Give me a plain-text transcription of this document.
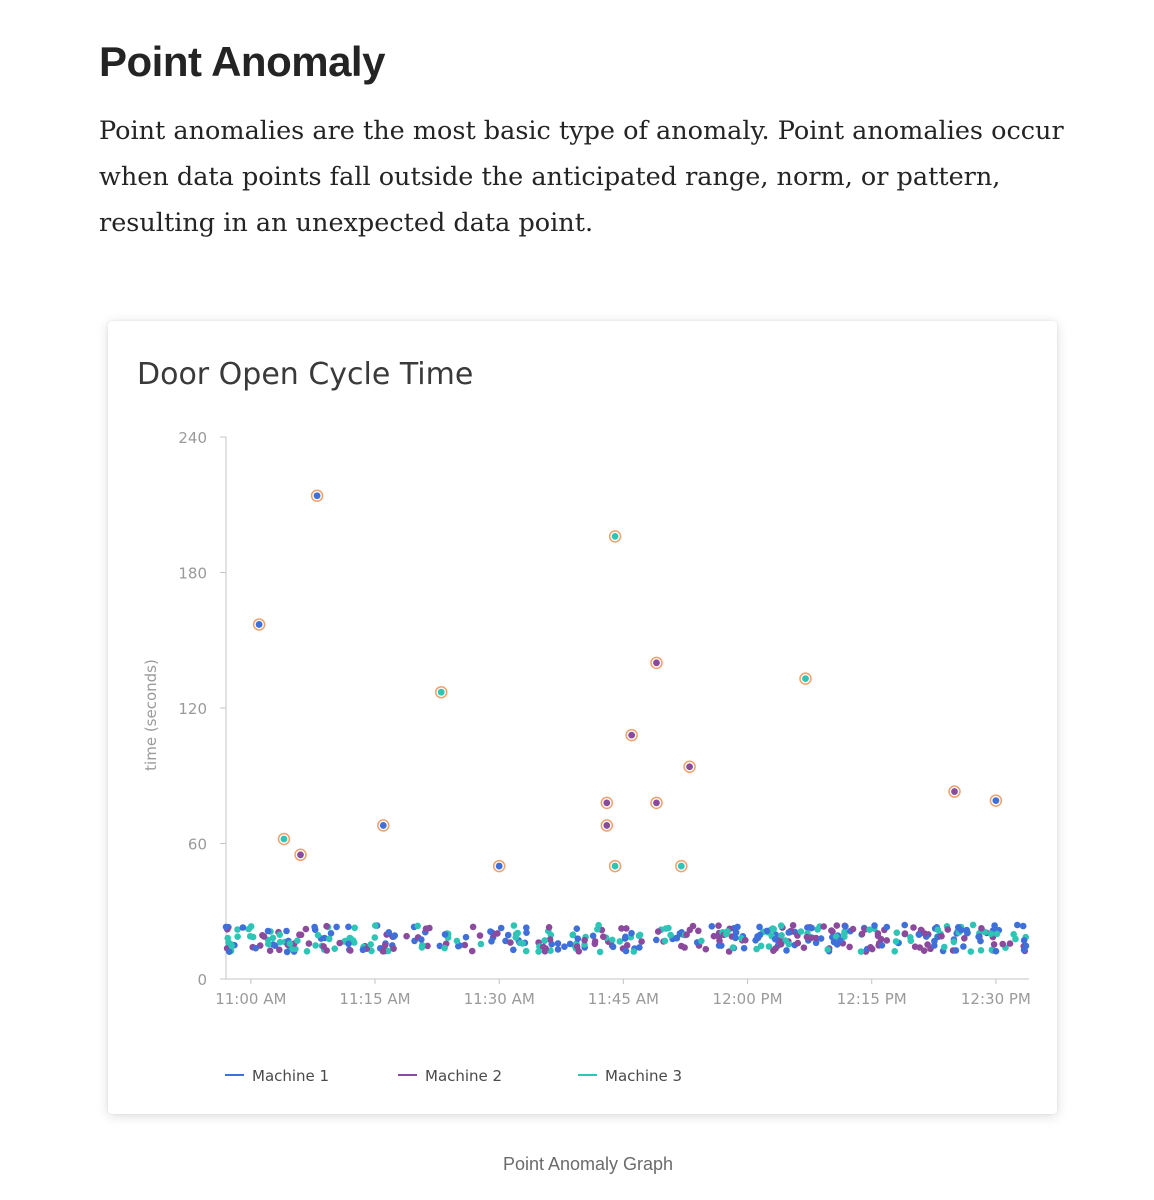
Point Anomaly

Point anomalies are the most basic type of anomaly. Point anomalies occur when data points fall outside the anticipated range, norm, or pattern, resulting in an unexpected data point.

Door Open Cycle Time
time (seconds)
0
60
120
180
240
11:00 AM	11:15 AM	11:30 AM	11:45 AM	12:00 PM	12:15 PM	12:30 PM
Machine 1	Machine 2	Machine 3
Point Anomaly Graph
